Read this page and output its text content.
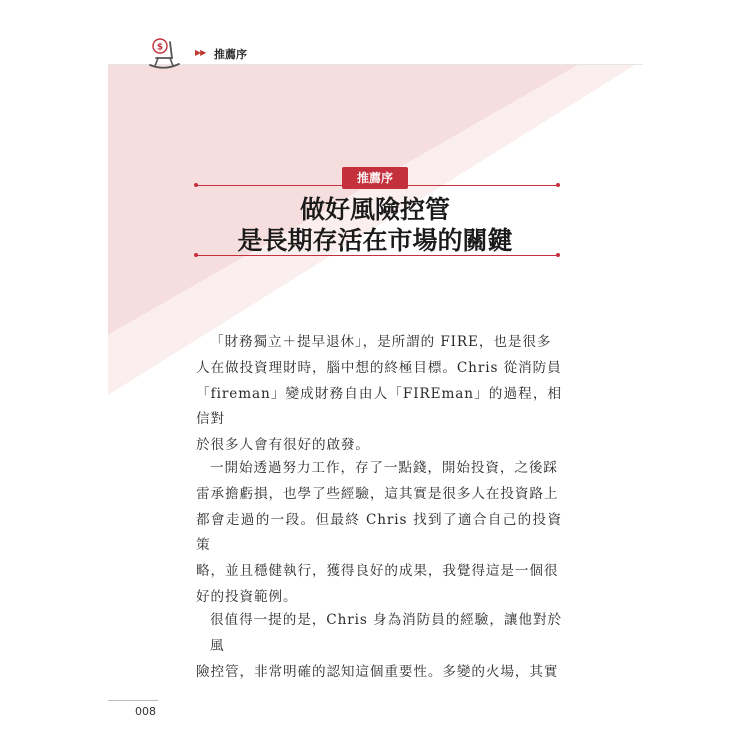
$	▶▶ 推薦序
推薦序
做好風險控管
是長期存活在市場的關鍵

「財務獨立＋提早退休」，是所謂的 FIRE，也是很多

人在做投資理財時，腦中想的終極目標。Chris 從消防員

「fireman」變成財務自由人「FIREman」的過程，相信對

於很多人會有很好的啟發。

一開始透過努力工作，存了一點錢，開始投資，之後踩

雷承擔虧損，也學了些經驗，這其實是很多人在投資路上

都會走過的一段。但最終 Chris 找到了適合自己的投資策

略，並且穩健執行，獲得良好的成果，我覺得這是一個很

好的投資範例。

很值得一提的是，Chris 身為消防員的經驗，讓他對於風

險控管，非常明確的認知這個重要性。多變的火場，其實

008
